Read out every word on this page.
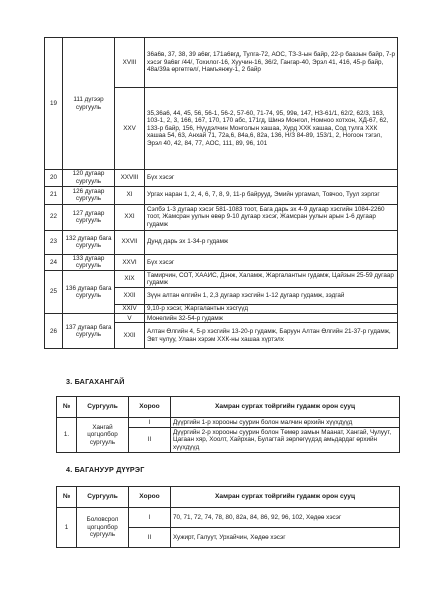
19	111 дүгээр сургууль	XVIII	36а6в, 37, 38, 39 а6вг, 171а6вгд, Тулга-72, АОС, ТЗ-3-ын байр, 22-р баазын байр, 7-р хэсэг 9а6вг /44/, Тохилог-16, Хуучин-16, 36/2, Гангар-40, Эрэл 41, 416, 45-р байр, 48а/39а өргөтгөл/, Намъянжу-1, 2 байр
		XXV	35,36а6, 44, 45, 56, 56-1, 56-2, 57-60, 71-74, 95, 99в, 147, НЗ-61/1, 62/2, 62/3, 163, 103-1, 2, 3, 166, 167, 170, 170 абс, 171гд, Шинэ Монгол, Номноо хотхон, ХД-67, 62, 133-р байр, 156, Нүүдэлчин Монголын хашаа, Хурд ХХК хашаа, Сод тулга ХХК хашаа 54, 63, Анхай 71, 72а,6, 84а,6, 82а, 136, Н/З 84-89, 153/1, 2, Ногоон тэгэл, Эрэл 40, 42, 84, 77, АОС, 111, 89, 96, 101
20	120 дугаар сургууль	XXVIII	Бүх хэсэг
21	126 дугаар сургууль	XI	Ургах наран 1, 2, 4, 6, 7, 8, 9, 11-р байрууд, Эмийн ургамал, Товчоо, Туул зэрлэг
22	127 дугаар сургууль	XXI	Сэлбэ 1-3 дугаар хэсэг 581-1083 тоот, Бага дарь эх 4-9 дугаар хэсгийн 1084-2260 тоот, Жамсран уулын өвөр 9-10 дугаар хэсэг, Жамсран уулын арын 1-6 дугаар гудамж
23	132 дугаар бага сургууль	XXVII	Дунд дарь эх 1-34-р гудамж
24	133 дугаар сургууль	XXVI	Бүх хэсэг
25	136 дугаар бага сургууль	XIX	Тамирчин, СОТ, ХААИС, Дэнж, Халамж, Жаргалантын гудамж, Цайзын 25-59 дугаар гудамж
		XXII	Зүүн алтан өлгийн 1, 2,3 дугаар хэсгийн 1-12 дугаар гудамж, зэдгай
		XXIV	9,10-р хэсэг, Жаргалантын хэсгүүд
26	137 дугаар бага сургууль	V	Монелийн 32-54-р гудамж
		XXII	Алтан Өлгийн 4, 5-р хэсгийн 13-20-р гудамж, Баруун Алтан Өлгийн 21-37-р гудамж, Эвт чулуу, Улаан хэрэм ХХК-ны хашаа хүртэлх
3. БАГАХАНГАЙ
№	Сургууль	Хороо	Хамран сургах тойргийн гудамж орон сууц
1.	Хангай цогцолбор сургууль	I	Дүүргийн 1-р хорооны суурин болон малчин өрхийн хүүхдүүд
		II	Дүүргийн 2-р хорооны суурин болон Төмөр замын Маанат, Хангай, Чулуут, Цагаан хяр, Хоолт, Хайрхан, Булагтай зөрлөгүүдэд амьдардаг өрхийн хүүхдүүд
4. БАГАНУУР ДҮҮРЭГ
№	Сургууль	Хороо	Хамран сургах тойргийн гудамж орон сууц
1	Боловсрол цогцолбор сургууль	I	70, 71, 72, 74, 78, 80, 82а, 84, 86, 92, 96, 102, Хөдөө хэсэг
		II	Хужирт, Галуут, Урхайчин, Хөдөө хэсэг
